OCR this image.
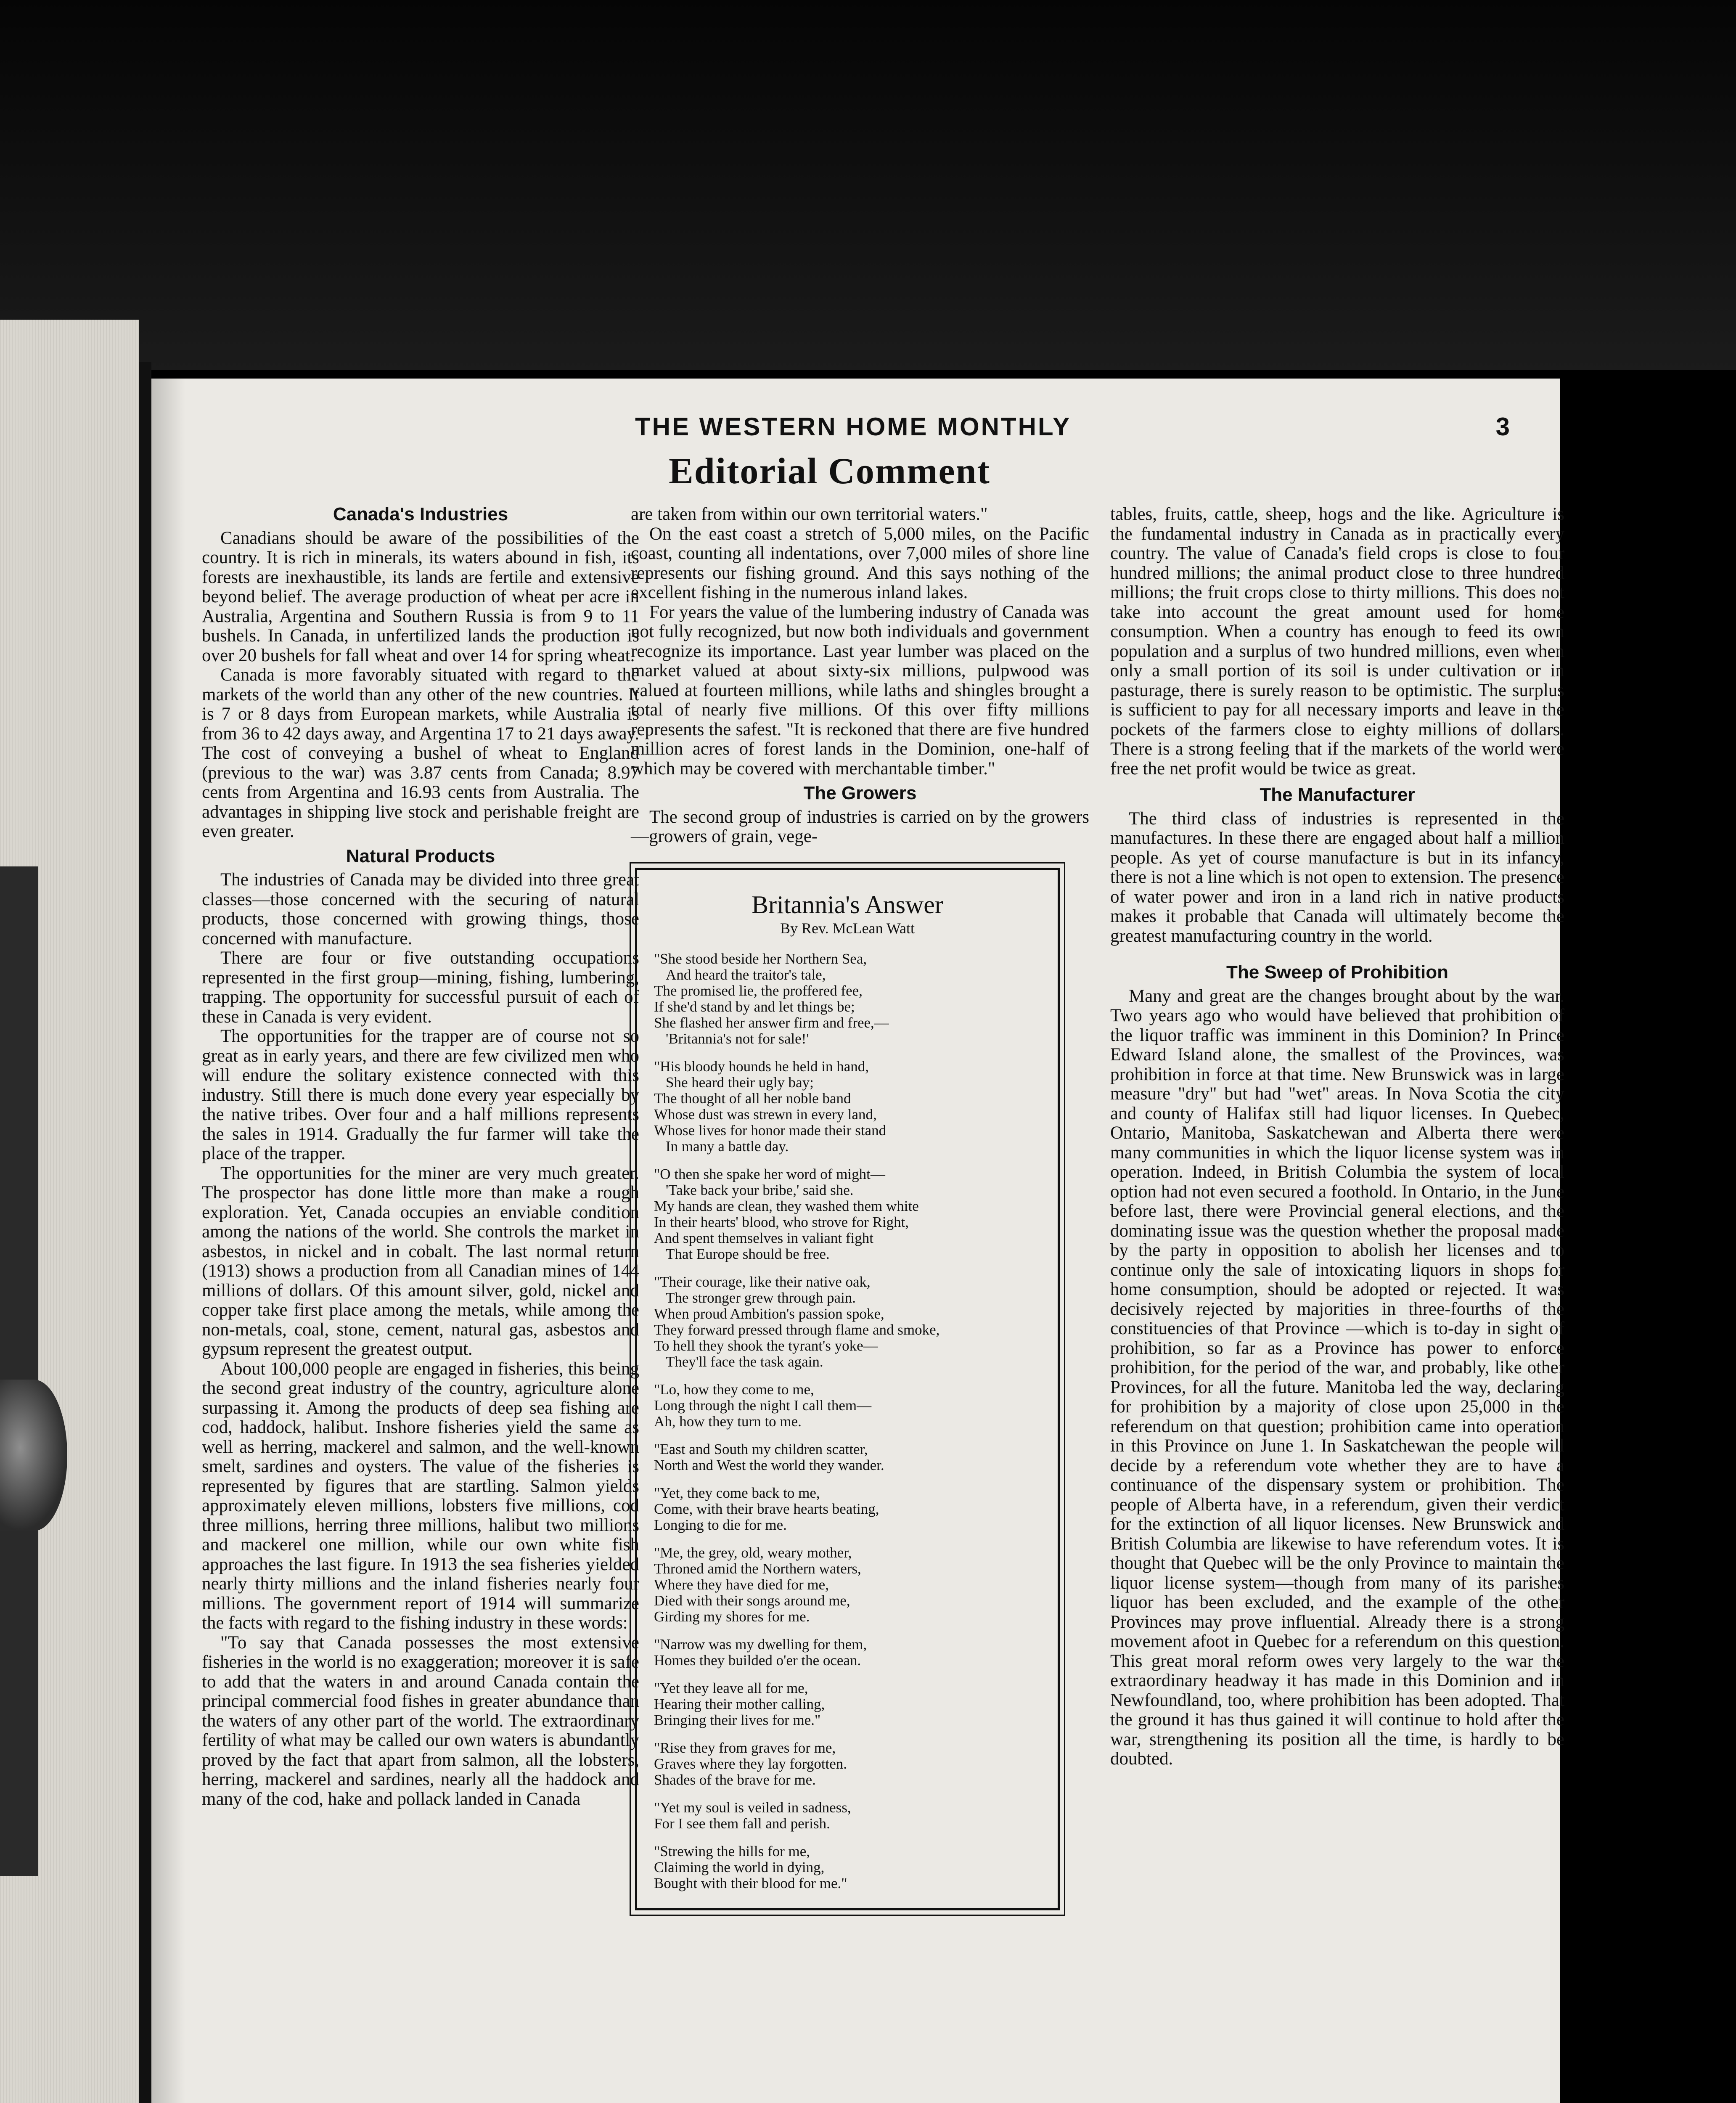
THE WESTERN HOME MONTHLY	3
Editorial Comment
Canada's Industries

Canadians should be aware of the possibilities of the country. It is rich in minerals, its waters abound in fish, its forests are inexhaustible, its lands are fertile and extensive beyond belief. The average production of wheat per acre in Australia, Argentina and Southern Russia is from 9 to 11 bushels. In Canada, in unfertilized lands the production is over 20 bushels for fall wheat and over 14 for spring wheat.

Canada is more favorably situated with regard to the markets of the world than any other of the new countries. It is 7 or 8 days from European markets, while Australia is from 36 to 42 days away, and Argentina 17 to 21 days away. The cost of conveying a bushel of wheat to England (previous to the war) was 3.87 cents from Canada; 8.97 cents from Argentina and 16.93 cents from Australia. The advantages in shipping live stock and perishable freight are even greater.

Natural Products

The industries of Canada may be divided into three great classes—those concerned with the securing of natural products, those concerned with growing things, those concerned with manufacture.

There are four or five outstanding occupations represented in the first group—mining, fishing, lumbering, trapping. The opportunity for successful pursuit of each of these in Canada is very evident.

The opportunities for the trapper are of course not so great as in early years, and there are few civilized men who will endure the solitary existence connected with this industry. Still there is much done every year especially by the native tribes. Over four and a half millions represents the sales in 1914. Gradually the fur farmer will take the place of the trapper.

The opportunities for the miner are very much greater. The prospector has done little more than make a rough exploration. Yet, Canada occupies an enviable condition among the nations of the world. She controls the market in asbestos, in nickel and in cobalt. The last normal return (1913) shows a production from all Canadian mines of 144 millions of dollars. Of this amount silver, gold, nickel and copper take first place among the metals, while among the non-metals, coal, stone, cement, natural gas, asbestos and gypsum represent the greatest output.

About 100,000 people are engaged in fisheries, this being the second great industry of the country, agriculture alone surpassing it. Among the products of deep sea fishing are cod, haddock, halibut. Inshore fisheries yield the same as well as herring, mackerel and salmon, and the well-known smelt, sardines and oysters. The value of the fisheries is represented by figures that are startling. Salmon yields approximately eleven millions, lobsters five millions, cod three millions, herring three millions, halibut two millions and mackerel one million, while our own white fish approaches the last figure. In 1913 the sea fisheries yielded nearly thirty millions and the inland fisheries nearly four millions. The government report of 1914 will summarize the facts with regard to the fishing industry in these words:

"To say that Canada possesses the most extensive fisheries in the world is no exaggeration; moreover it is safe to add that the waters in and around Canada contain the principal commercial food fishes in greater abundance than the waters of any other part of the world. The extraordinary fertility of what may be called our own waters is abundantly proved by the fact that apart from salmon, all the lobsters, herring, mackerel and sardines, nearly all the haddock and many of the cod, hake and pollack landed in Canada

are taken from within our own territorial waters."

On the east coast a stretch of 5,000 miles, on the Pacific coast, counting all indentations, over 7,000 miles of shore line represents our fishing ground. And this says nothing of the excellent fishing in the numerous inland lakes.

For years the value of the lumbering industry of Canada was not fully recognized, but now both individuals and government recognize its importance. Last year lumber was placed on the market valued at about sixty-six millions, pulpwood was valued at fourteen millions, while laths and shingles brought a total of nearly five millions. Of this over fifty millions represents the safest. "It is reckoned that there are five hundred million acres of forest lands in the Dominion, one-half of which may be covered with merchantable timber."

The Growers

The second group of industries is carried on by the growers—growers of grain, vege-

Britannia's Answer
By Rev. McLean Watt
"She stood beside her Northern Sea,
And heard the traitor's tale,
The promised lie, the proffered fee,
If she'd stand by and let things be;
She flashed her answer firm and free,—
'Britannia's not for sale!'
"His bloody hounds he held in hand,
She heard their ugly bay;
The thought of all her noble band
Whose dust was strewn in every land,
Whose lives for honor made their stand
In many a battle day.
"O then she spake her word of might—
'Take back your bribe,' said she.
My hands are clean, they washed them white
In their hearts' blood, who strove for Right,
And spent themselves in valiant fight
That Europe should be free.
"Their courage, like their native oak,
The stronger grew through pain.
When proud Ambition's passion spoke,
They forward pressed through flame and smoke,
To hell they shook the tyrant's yoke—
They'll face the task again.
"Lo, how they come to me,
Long through the night I call them—
Ah, how they turn to me.
"East and South my children scatter,
North and West the world they wander.
"Yet, they come back to me,
Come, with their brave hearts beating,
Longing to die for me.
"Me, the grey, old, weary mother,
Throned amid the Northern waters,
Where they have died for me,
Died with their songs around me,
Girding my shores for me.
"Narrow was my dwelling for them,
Homes they builded o'er the ocean.
"Yet they leave all for me,
Hearing their mother calling,
Bringing their lives for me."
"Rise they from graves for me,
Graves where they lay forgotten.
Shades of the brave for me.
"Yet my soul is veiled in sadness,
For I see them fall and perish.
"Strewing the hills for me,
Claiming the world in dying,
Bought with their blood for me."

tables, fruits, cattle, sheep, hogs and the like. Agriculture is the fundamental industry in Canada as in practically every country. The value of Canada's field crops is close to four hundred millions; the animal product close to three hundred millions; the fruit crops close to thirty millions. This does not take into account the great amount used for home consumption. When a country has enough to feed its own population and a surplus of two hundred millions, even when only a small portion of its soil is under cultivation or in pasturage, there is surely reason to be optimistic. The surplus is sufficient to pay for all necessary imports and leave in the pockets of the farmers close to eighty millions of dollars. There is a strong feeling that if the markets of the world were free the net profit would be twice as great.

The Manufacturer

The third class of industries is represented in the manufactures. In these there are engaged about half a million people. As yet of course manufacture is but in its infancy, there is not a line which is not open to extension. The presence of water power and iron in a land rich in native products makes it probable that Canada will ultimately become the greatest manufacturing country in the world.

The Sweep of Prohibition

Many and great are the changes brought about by the war. Two years ago who would have believed that prohibition of the liquor traffic was imminent in this Dominion? In Prince Edward Island alone, the smallest of the Provinces, was prohibition in force at that time. New Brunswick was in large measure "dry" but had "wet" areas. In Nova Scotia the city and county of Halifax still had liquor licenses. In Quebec, Ontario, Manitoba, Saskatchewan and Alberta there were many communities in which the liquor license system was in operation. Indeed, in British Columbia the system of local option had not even secured a foothold. In Ontario, in the June before last, there were Provincial general elections, and the dominating issue was the question whether the proposal made by the party in opposition to abolish her licenses and to continue only the sale of intoxicating liquors in shops for home consumption, should be adopted or rejected. It was decisively rejected by majorities in three-fourths of the constituencies of that Province —which is to-day in sight of prohibition, so far as a Province has power to enforce prohibition, for the period of the war, and probably, like other Provinces, for all the future. Manitoba led the way, declaring for prohibition by a majority of close upon 25,000 in the referendum on that question; prohibition came into operation in this Province on June 1. In Saskatchewan the people will decide by a referendum vote whether they are to have a continuance of the dispensary system or prohibition. The people of Alberta have, in a referendum, given their verdict for the extinction of all liquor licenses. New Brunswick and British Columbia are likewise to have referendum votes. It is thought that Quebec will be the only Province to maintain the liquor license system—though from many of its parishes liquor has been excluded, and the example of the other Provinces may prove influential. Already there is a strong movement afoot in Quebec for a referendum on this question. This great moral reform owes very largely to the war the extraordinary headway it has made in this Dominion and in Newfoundland, too, where prohibition has been adopted. That the ground it has thus gained it will continue to hold after the war, strengthening its position all the time, is hardly to be doubted.
